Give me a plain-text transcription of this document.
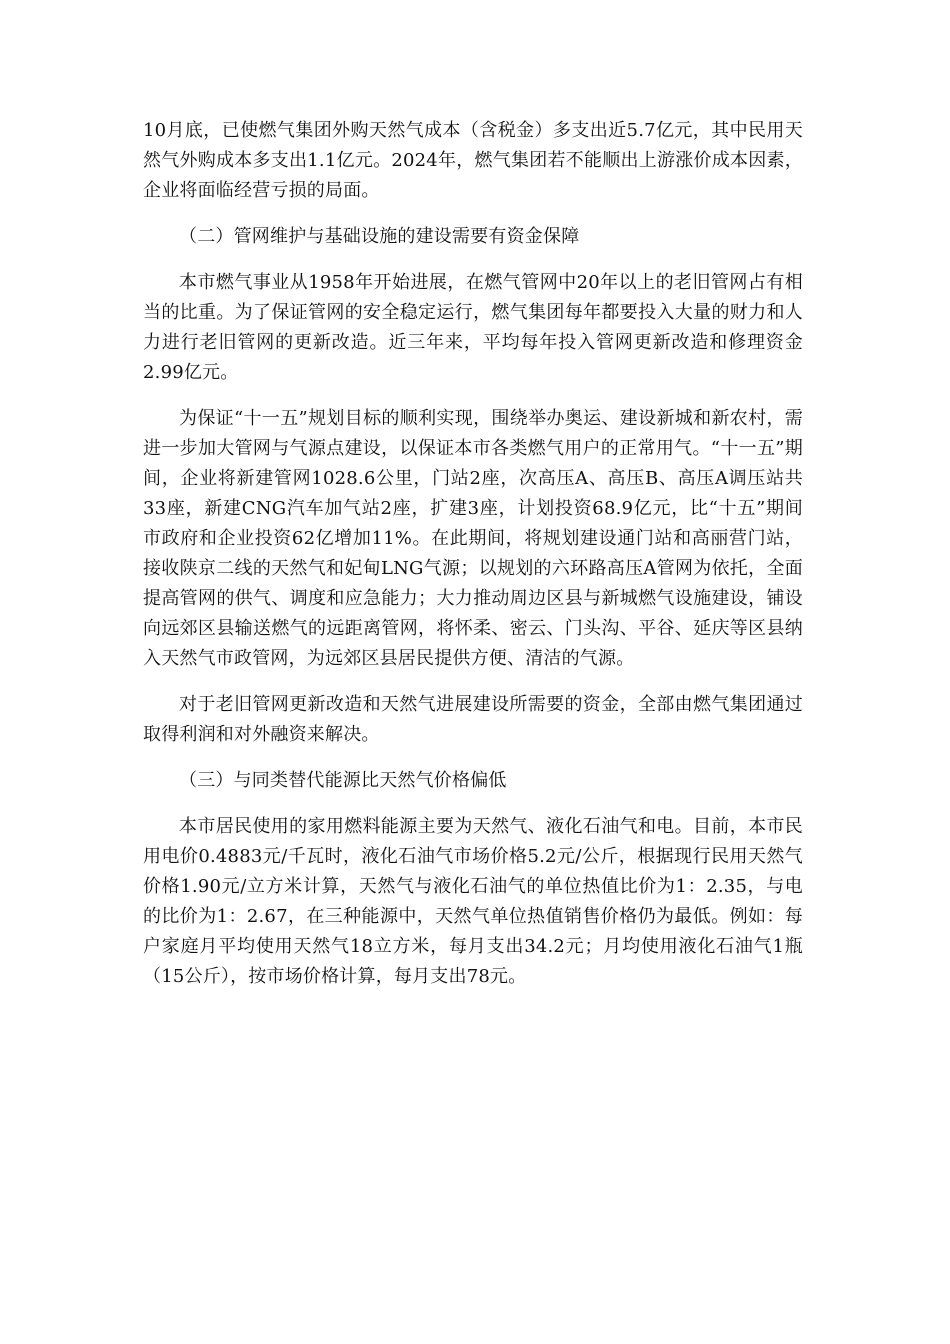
10月底，已使燃气集团外购天然气成本（含税金）多支出近5.7亿元，其中民用天然气外购成本多支出1.1亿元。2024年，燃气集团若不能顺出上游涨价成本因素，企业将面临经营亏损的局面。

（二）管网维护与基础设施的建设需要有资金保障

本市燃气事业从1958年开始进展，在燃气管网中20年以上的老旧管网占有相当的比重。为了保证管网的安全稳定运行，燃气集团每年都要投入大量的财力和人力进行老旧管网的更新改造。近三年来，平均每年投入管网更新改造和修理资金2.99亿元。

为保证“十一五”规划目标的顺利实现，围绕举办奥运、建设新城和新农村，需进一步加大管网与气源点建设，以保证本市各类燃气用户的正常用气。“十一五”期间，企业将新建管网1028.6公里，门站2座，次高压A、高压B、高压A调压站共33座，新建CNG汽车加气站2座，扩建3座，计划投资68.9亿元，比“十五”期间市政府和企业投资62亿增加11%。在此期间，将规划建设通门站和高丽营门站，接收陕京二线的天然气和妃甸LNG气源；以规划的六环路高压A管网为依托，全面提高管网的供气、调度和应急能力；大力推动周边区县与新城燃气设施建设，铺设向远郊区县输送燃气的远距离管网，将怀柔、密云、门头沟、平谷、延庆等区县纳入天然气市政管网，为远郊区县居民提供方便、清洁的气源。

对于老旧管网更新改造和天然气进展建设所需要的资金，全部由燃气集团通过取得利润和对外融资来解决。

（三）与同类替代能源比天然气价格偏低

本市居民使用的家用燃料能源主要为天然气、液化石油气和电。目前，本市民用电价0.4883元/千瓦时，液化石油气市场价格5.2元/公斤，根据现行民用天然气价格1.90元/立方米计算，天然气与液化石油气的单位热值比价为1：2.35，与电的比价为1：2.67，在三种能源中，天然气单位热值销售价格仍为最低。例如：每户家庭月平均使用天然气18立方米，每月支出34.2元；月均使用液化石油气1瓶（15公斤），按市场价格计算，每月支出78元。
